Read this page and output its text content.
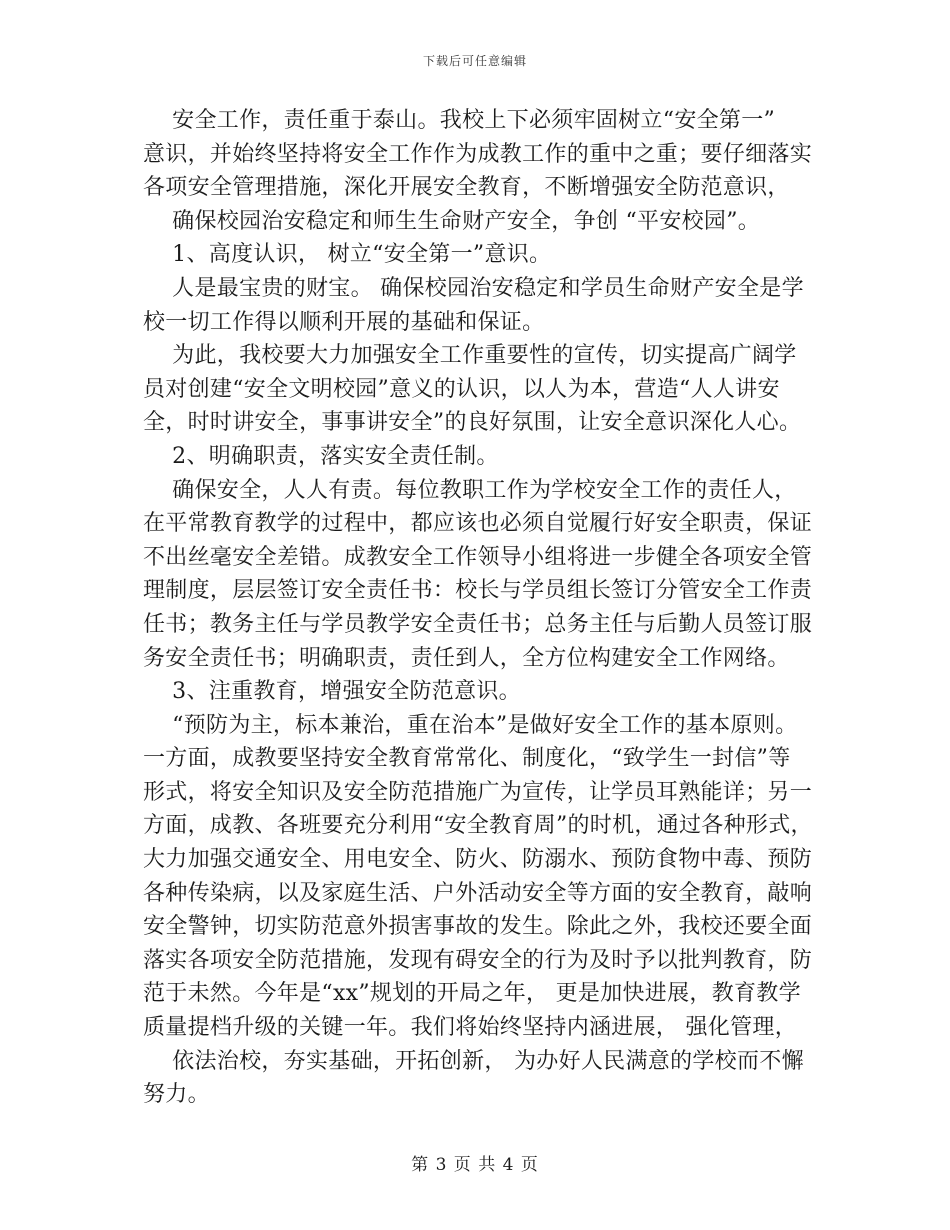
下载后可任意编辑
安全工作，责任重于泰山。我校上下必须牢固树立“安全第一”
意识，并始终坚持将安全工作作为成教工作的重中之重；要仔细落实
各项安全管理措施，深化开展安全教育，不断增强安全防范意识，
确保校园治安稳定和师生生命财产安全，争创 “平安校园”。
1、高度认识， 树立“安全第一”意识。
人是最宝贵的财宝。 确保校园治安稳定和学员生命财产安全是学
校一切工作得以顺利开展的基础和保证。
为此，我校要大力加强安全工作重要性的宣传，切实提高广阔学
员对创建“安全文明校园”意义的认识，以人为本，营造“人人讲安
全，时时讲安全，事事讲安全”的良好氛围，让安全意识深化人心。
2、明确职责，落实安全责任制。
确保安全，人人有责。每位教职工作为学校安全工作的责任人，
在平常教育教学的过程中，都应该也必须自觉履行好安全职责，保证
不出丝毫安全差错。成教安全工作领导小组将进一步健全各项安全管
理制度，层层签订安全责任书：校长与学员组长签订分管安全工作责
任书；教务主任与学员教学安全责任书；总务主任与后勤人员签订服
务安全责任书；明确职责，责任到人，全方位构建安全工作网络。
3、注重教育，增强安全防范意识。
“预防为主，标本兼治，重在治本”是做好安全工作的基本原则。
一方面，成教要坚持安全教育常常化、制度化，“致学生一封信”等
形式，将安全知识及安全防范措施广为宣传，让学员耳熟能详；另一
方面，成教、各班要充分利用“安全教育周”的时机，通过各种形式，
大力加强交通安全、用电安全、防火、防溺水、预防食物中毒、预防
各种传染病，以及家庭生活、户外活动安全等方面的安全教育，敲响
安全警钟，切实防范意外损害事故的发生。除此之外，我校还要全面
落实各项安全防范措施，发现有碍安全的行为及时予以批判教育，防
范于未然。今年是“xx”规划的开局之年， 更是加快进展，教育教学
质量提档升级的关键一年。我们将始终坚持内涵进展， 强化管理，
依法治校，夯实基础，开拓创新， 为办好人民满意的学校而不懈
努力。
第 3 页 共 4 页
